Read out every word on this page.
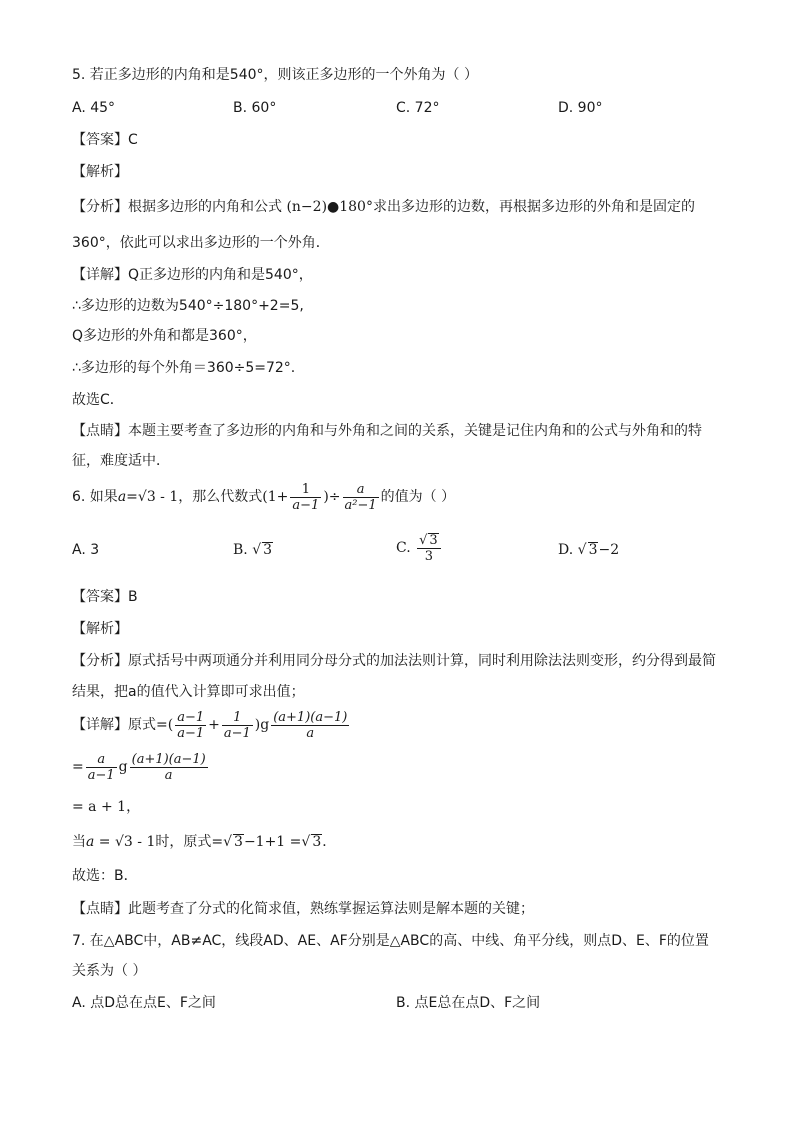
5. 若正多边形的内角和是540°，则该正多边形的一个外角为（ ）
A. 45°	B. 60°	C. 72°	D. 90°
【答案】C
【解析】
【分析】根据多边形的内角和公式 (n−2)●180°求出多边形的边数，再根据多边形的外角和是固定的
360°，依此可以求出多边形的一个外角．
【详解】Q正多边形的内角和是540°，
∴多边形的边数为540°÷180°+2=5,
Q多边形的外角和都是360°，
∴多边形的每个外角＝360÷5=72°.
故选C．
【点睛】本题主要考查了多边形的内角和与外角和之间的关系，关键是记住内角和的公式与外角和的特
征，难度适中．
6. 如果a=√3 - 1，那么代数式($1+ \frac{1}{a-1}$ )÷ $\frac{a}{\text{a²−1}}$ 的值为（ ）
A. 3	B. √ 3	C. $\frac{√ 3}{3}$	D. √ 3−2
【答案】B
【解析】
【分析】原式括号中两项通分并利用同分母分式的加法法则计算，同时利用除法法则变形，约分得到最简
结果，把a的值代入计算即可求出值；
【详解】原式=( $\frac{a-1}{a-1} + \frac{1}{a-1} )g \frac{(a+1)(a-1)}{a}$
= $\frac{a}{a-1}$ g $\frac{(a+1)(a-1)}{a}$
= a + 1，
当a = √3 - 1时，原式=√ 3−1+1 =√ 3．
故选：B．
【点睛】此题考查了分式的化简求值，熟练掌握运算法则是解本题的关键；
7. 在△ABC中，AB≠AC，线段AD、AE、AF分别是△ABC的高、中线、角平分线，则点D、E、F的位置
关系为（ ）
A. 点D总在点E、F之间	B. 点E总在点D、F之间
